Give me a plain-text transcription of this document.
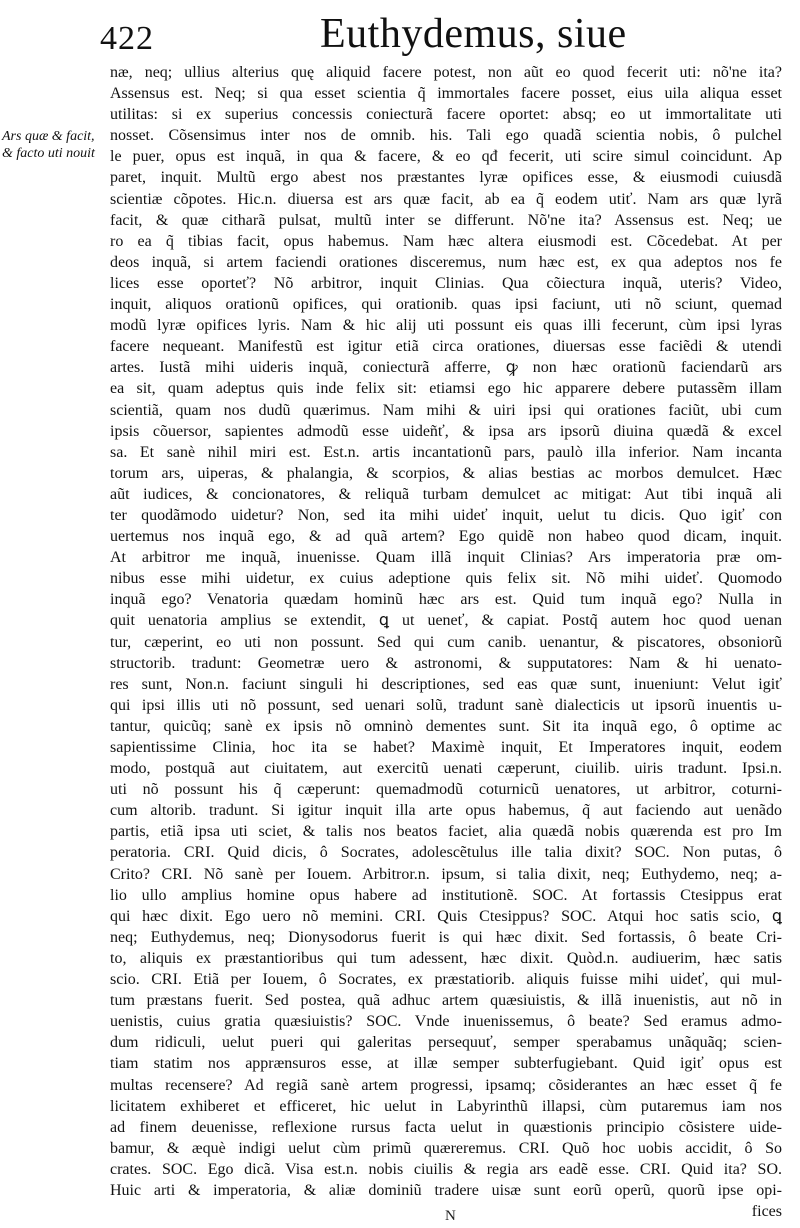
422	Euthydemus, siue
Ars quæ & facit, & facto uti nouit
næ, neq; ullius alterius quę aliquid facere potest, non aũt eo quod fecerit uti: nõ'ne ita?
Assensus est. Neq; si qua esset scientia q̃ immortales facere posset, eius uila aliqua esset
utilitas: si ex superius concessis coniecturã facere oportet: absq; eo ut immortalitate uti
nosset. Cõsensimus inter nos de omnib. his. Tali ego quadã scientia nobis, ô pulchel
le puer, opus est inquã, in qua & facere, & eo qđ fecerit, uti scire simul coincidunt. Ap
paret, inquit. Multũ ergo abest nos præstantes lyræ opifices esse, & eiusmodi cuiusdã
scientiæ cõpotes. Hic.n. diuersa est ars quæ facit, ab ea q̃ eodem utiť. Nam ars quæ lyrã
facit, & quæ citharã pulsat, multũ inter se differunt. Nõ'ne ita? Assensus est. Neq; ue
ro ea q̃ tibias facit, opus habemus. Nam hæc altera eiusmodi est. Cõcedebat. At per
deos inquã, si artem faciendi orationes disceremus, num hæc est, ex qua adeptos nos fe
lices esse oporteť? Nõ arbitror, inquit Clinias. Qua cõiectura inquã, uteris? Video,
inquit, aliquos orationũ opifices, qui orationib. quas ipsi faciunt, uti nõ sciunt, quemad
modũ lyræ opifices lyris. Nam & hic alij uti possunt eis quas illi fecerunt, cùm ipsi lyras
facere nequeant. Manifestũ est igitur etiã circa orationes, diuersas esse faciẽdi & utendi
artes. Iustã mihi uideris inquã, coniecturã afferre, ꝙ non hæc orationũ faciendarũ ars
ea sit, quam adeptus quis inde felix sit: etiamsi ego hic apparere debere putassẽm illam
scientiã, quam nos dudũ quærimus. Nam mihi & uiri ipsi qui orationes faciũt, ubi cum
ipsis cõuersor, sapientes admodũ esse uideñť, & ipsa ars ipsorũ diuina quædã & excel
sa. Et sanè nihil miri est. Est.n. artis incantationũ pars, paulò illa inferior. Nam incanta
torum ars, uiperas, & phalangia, & scorpios, & alias bestias ac morbos demulcet. Hæc
aũt iudices, & concionatores, & reliquã turbam demulcet ac mitigat: Aut tibi inquã ali
ter quodãmodo uidetur? Non, sed ita mihi uideť inquit, uelut tu dicis. Quo igiť con
uertemus nos inquã ego, & ad quã artem? Ego quidẽ non habeo quod dicam, inquit.
At arbitror me inquã, inuenisse. Quam illã inquit Clinias? Ars imperatoria præ om-
nibus esse mihi uidetur, ex cuius adeptione quis felix sit. Nõ mihi uideť. Quomodo
inquã ego? Venatoria quædam hominũ hæc ars est. Quid tum inquã ego? Nulla in
quit uenatoria amplius se extendit, ꝗ ut ueneť, & capiat. Postq̃ autem hoc quod uenan
tur, cæperint, eo uti non possunt. Sed qui cum canib. uenantur, & piscatores, obsoniorũ
structorib. tradunt: Geometræ uero & astronomi, & supputatores: Nam & hi uenato-
res sunt, Non.n. faciunt singuli hi descriptiones, sed eas quæ sunt, inueniunt: Velut igiť
qui ipsi illis uti nõ possunt, sed uenari solũ, tradunt sanè dialecticis ut ipsorũ inuentis u-
tantur, quicũq; sanè ex ipsis nõ omninò dementes sunt. Sit ita inquã ego, ô optime ac
sapientissime Clinia, hoc ita se habet? Maximè inquit, Et Imperatores inquit, eodem
modo, postquã aut ciuitatem, aut exercitũ uenati cæperunt, ciuilib. uiris tradunt. Ipsi.n.
uti nõ possunt his q̃ cæperunt: quemadmodũ coturnicũ uenatores, ut arbitror, coturni-
cum altorib. tradunt. Si igitur inquit illa arte opus habemus, q̃ aut faciendo aut uenãdo
partis, etiã ipsa uti sciet, & talis nos beatos faciet, alia quædã nobis quærenda est pro Im
peratoria. CRI. Quid dicis, ô Socrates, adolescẽtulus ille talia dixit? SOC. Non putas, ô
Crito? CRI. Nõ sanè per Iouem. Arbitror.n. ipsum, si talia dixit, neq; Euthydemo, neq; a-
lio ullo amplius homine opus habere ad institutionẽ. SOC. At fortassis Ctesippus erat
qui hæc dixit. Ego uero nõ memini. CRI. Quis Ctesippus? SOC. Atqui hoc satis scio, ꝗ
neq; Euthydemus, neq; Dionysodorus fuerit is qui hæc dixit. Sed fortassis, ô beate Cri-
to, aliquis ex præstantioribus qui tum adessent, hæc dixit. Quòd.n. audiuerim, hæc satis
scio. CRI. Etiã per Iouem, ô Socrates, ex præstatiorib. aliquis fuisse mihi uideť, qui mul-
tum præstans fuerit. Sed postea, quã adhuc artem quæsiuistis, & illã inuenistis, aut nõ in
uenistis, cuius gratia quæsiuistis? SOC. Vnde inuenissemus, ô beate? Sed eramus admo-
dum ridiculi, uelut pueri qui galeritas persequuť, semper sperabamus unãquãq; scien-
tiam statim nos apprænsuros esse, at illæ semper subterfugiebant. Quid igiť opus est
multas recensere? Ad regiã sanè artem progressi, ipsamq; cõsiderantes an hæc esset q̃ fe
licitatem exhiberet et efficeret, hic uelut in Labyrinthũ illapsi, cùm putaremus iam nos
ad finem deuenisse, reflexione rursus facta uelut in quæstionis principio cõsistere uide-
bamur, & æquè indigi uelut cùm primũ quæreremus. CRI. Quõ hoc uobis accidit, ô So
crates. SOC. Ego dicã. Visa est.n. nobis ciuilis & regia ars eadẽ esse. CRI. Quid ita? SO.
Huic arti & imperatoria, & aliæ dominiũ tradere uisæ sunt eorũ operũ, quorũ ipse opi-
fices
N
